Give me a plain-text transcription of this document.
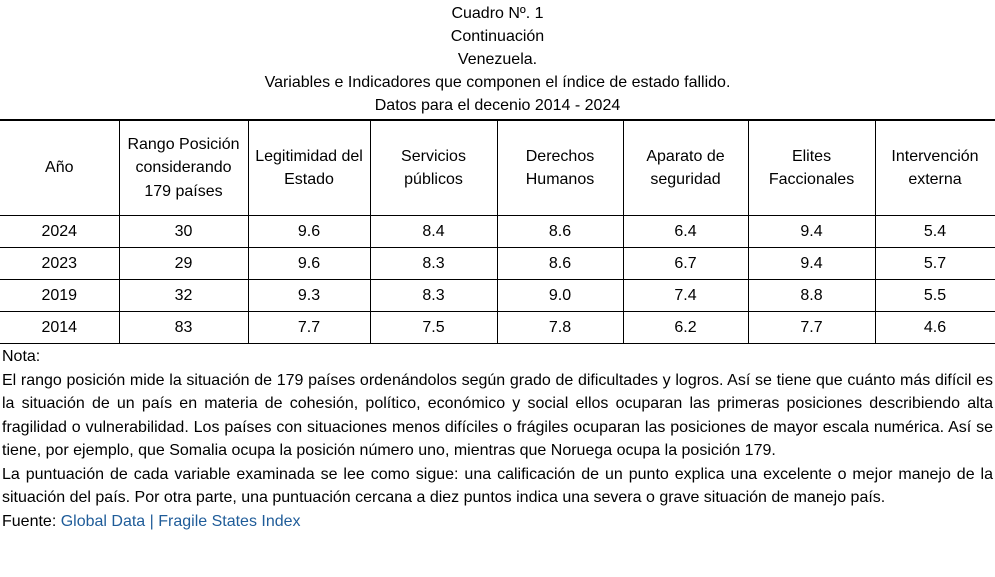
Cuadro Nº. 1
Continuación
Venezuela.
Variables e Indicadores que componen el índice de estado fallido.
Datos para el decenio 2014 - 2024
Año	Rango Posición considerando 179 países	Legitimidad del Estado	Servicios públicos	Derechos Humanos	Aparato de seguridad	Elites Faccionales	Intervención externa
2024	30	9.6	8.4	8.6	6.4	9.4	5.4
2023	29	9.6	8.3	8.6	6.7	9.4	5.7
2019	32	9.3	8.3	9.0	7.4	8.8	5.5
2014	83	7.7	7.5	7.8	6.2	7.7	4.6

Nota:

El rango posición mide la situación de 179 países ordenándolos según grado de dificultades y logros. Así se tiene que cuánto más difícil es la situación de un país en materia de cohesión, político, económico y social ellos ocuparan las primeras posiciones describiendo alta fragilidad o vulnerabilidad. Los países con situaciones menos difíciles o frágiles ocuparan las posiciones de mayor escala numérica. Así se tiene, por ejemplo, que Somalia ocupa la posición número uno, mientras que Noruega ocupa la posición 179.

La puntuación de cada variable examinada se lee como sigue: una calificación de un punto explica una excelente o mejor manejo de la situación del país. Por otra parte, una puntuación cercana a diez puntos indica una severa o grave situación de manejo país.

Fuente: Global Data | Fragile States Index
